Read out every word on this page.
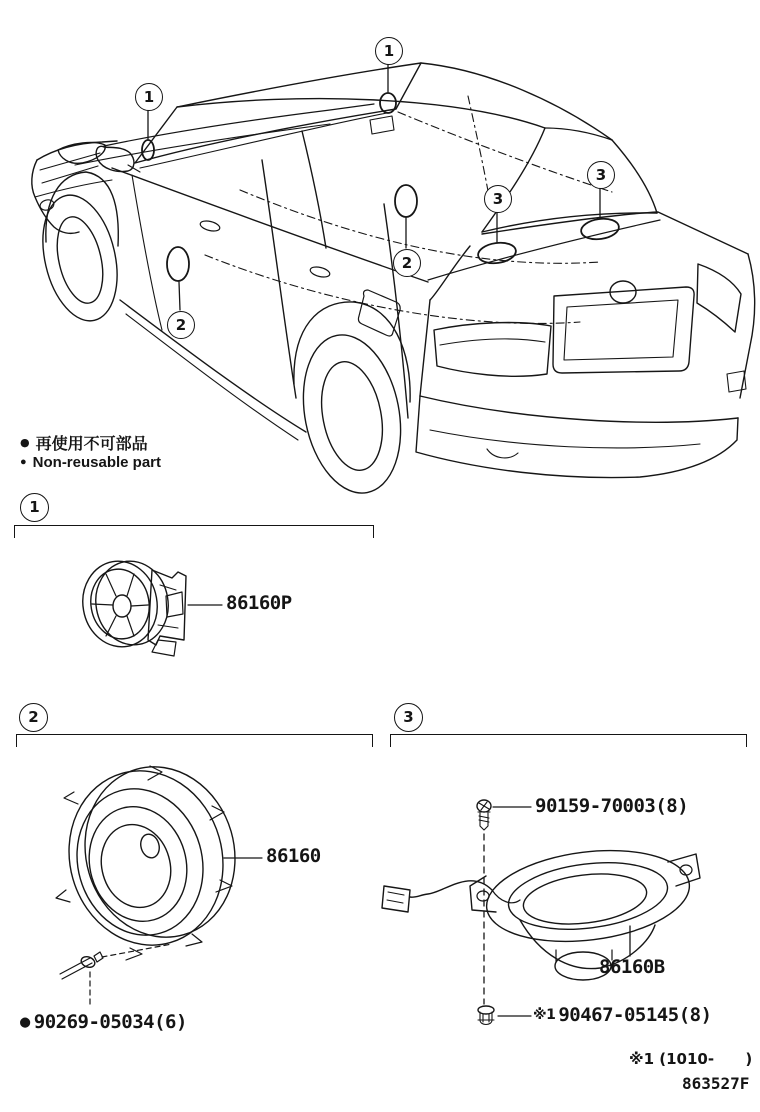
1
1
2
2
3
3
● 再使用不可部品
● Non-reusable part
1
86160P
2
86160
● 90269-05034(6)
3
90159-70003(8)
86160B
※1 90467-05145(8)
※1 (1010-      )
863527F
